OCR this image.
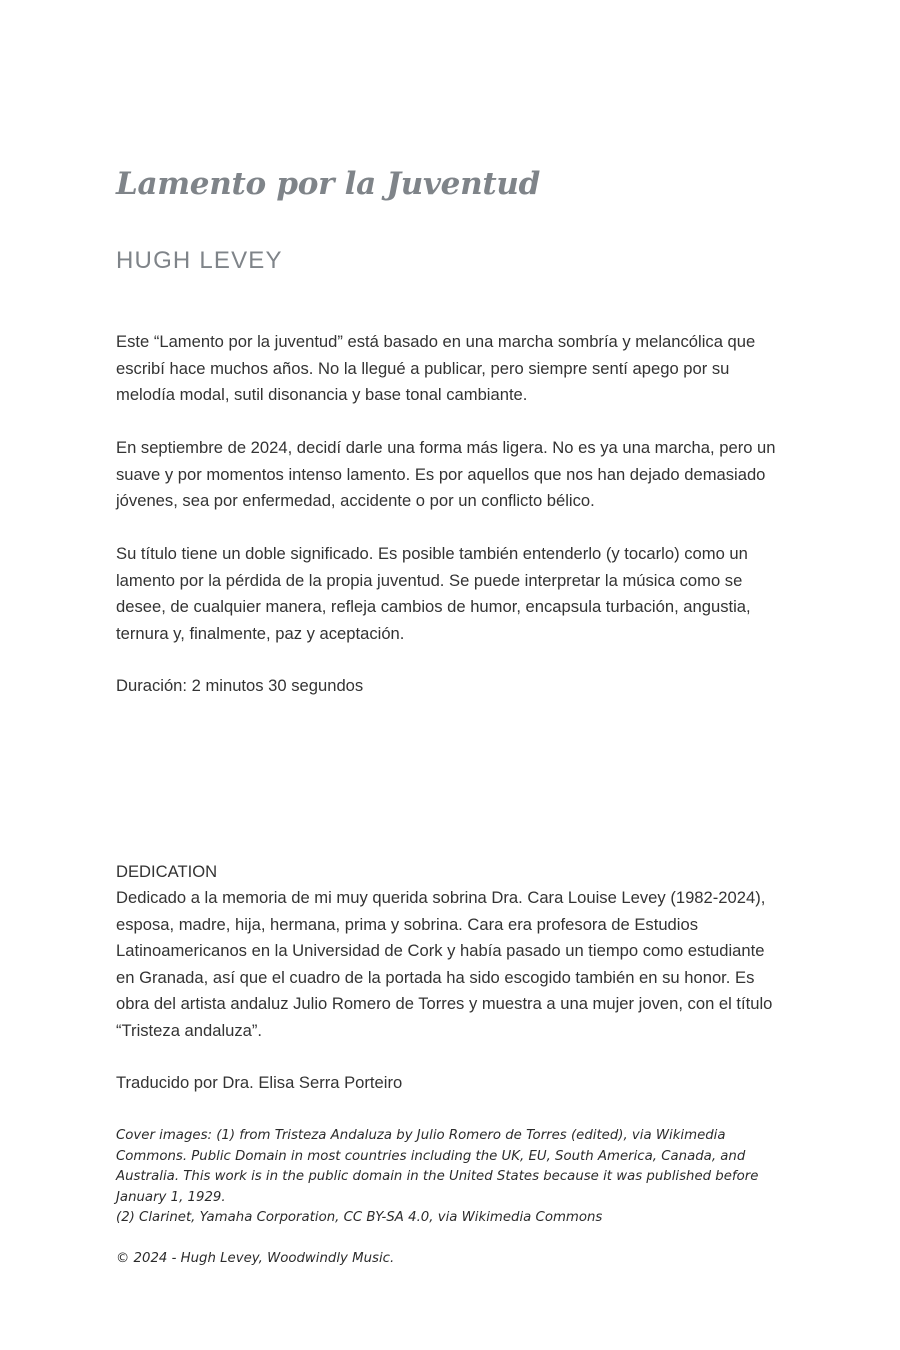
Lamento por la Juventud
HUGH LEVEY

Este “Lamento por la juventud” está basado en una marcha sombría y melancólica que escribí hace muchos años. No la llegué a publicar, pero siempre sentí apego por su melodía modal, sutil disonancia y base tonal cambiante.

En septiembre de 2024, decidí darle una forma más ligera. No es ya una marcha, pero un suave y por momentos intenso lamento. Es por aquellos que nos han dejado demasiado jóvenes, sea por enfermedad, accidente o por un conflicto bélico.

Su título tiene un doble significado. Es posible también entenderlo (y tocarlo) como un lamento por la pérdida de la propia juventud. Se puede interpretar la música como se desee, de cualquier manera, refleja cambios de humor, encapsula turbación, angustia, ternura y, finalmente, paz y aceptación.

Duración: 2 minutos 30 segundos

DEDICATION

Dedicado a la memoria de mi muy querida sobrina Dra. Cara Louise Levey (1982-2024), esposa, madre, hija, hermana, prima y sobrina. Cara era profesora de Estudios Latinoamericanos en la Universidad de Cork y había pasado un tiempo como estudiante en Granada, así que el cuadro de la portada ha sido escogido también en su honor. Es obra del artista andaluz Julio Romero de Torres y muestra a una mujer joven, con el título “Tristeza andaluza”.

Traducido por Dra. Elisa Serra Porteiro

Cover images: (1) from Tristeza Andaluza by Julio Romero de Torres (edited), via Wikimedia Commons. Public Domain in most countries including the UK, EU, South America, Canada, and Australia. This work is in the public domain in the United States because it was published before January 1, 1929.
(2) Clarinet, Yamaha Corporation, CC BY-SA 4.0, via Wikimedia Commons

© 2024 - Hugh Levey, Woodwindly Music.
